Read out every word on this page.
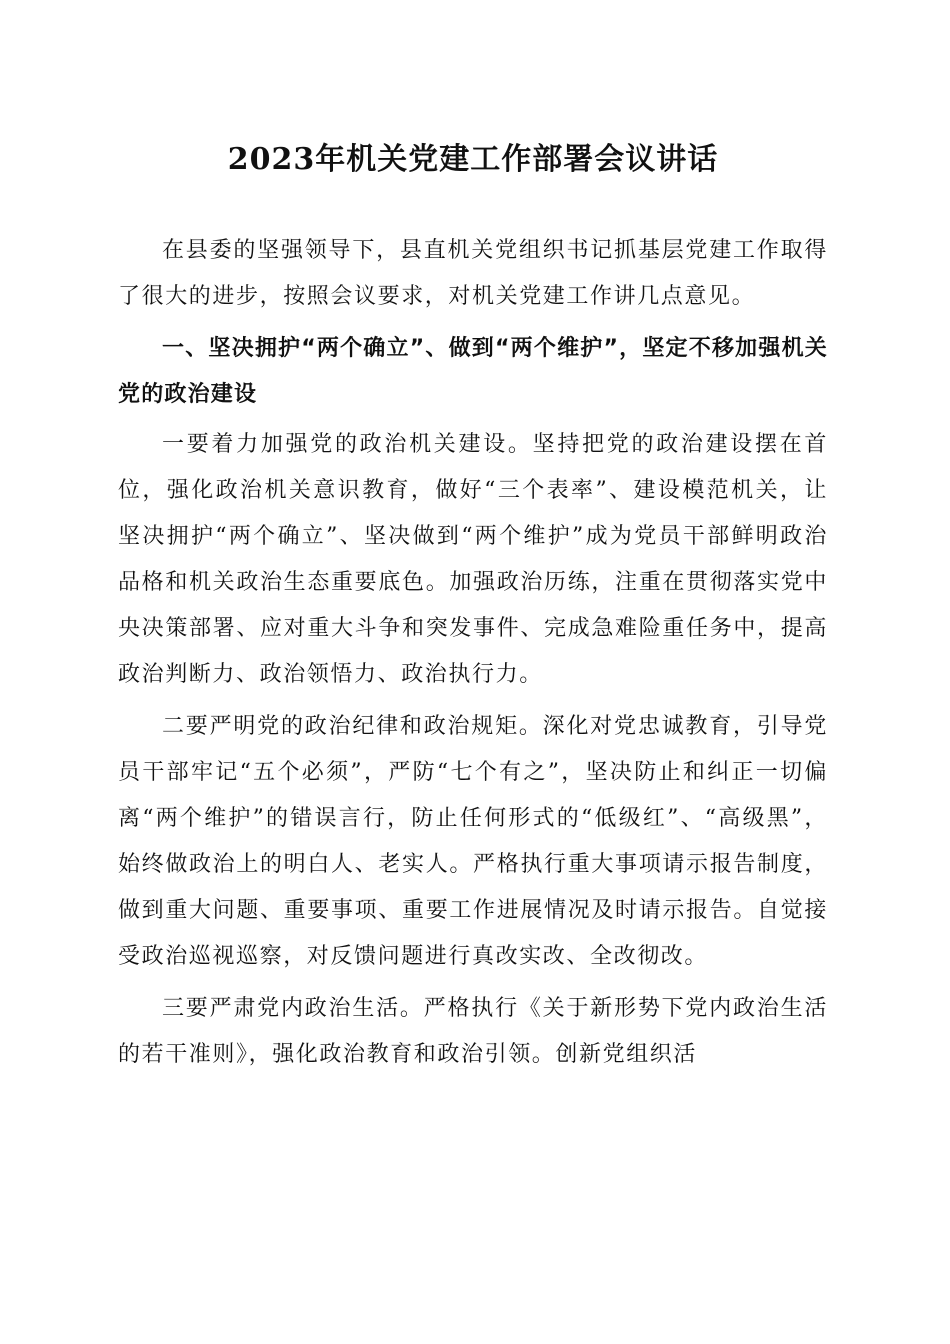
2023年机关党建工作部署会议讲话

在县委的坚强领导下，县直机关党组织书记抓基层党建工作取得了很大的进步，按照会议要求，对机关党建工作讲几点意见。

一、坚决拥护“两个确立”、做到“两个维护”，坚定不移加强机关党的政治建设

一要着力加强党的政治机关建设。坚持把党的政治建设摆在首位，强化政治机关意识教育，做好“三个表率”、建设模范机关，让坚决拥护“两个确立”、坚决做到“两个维护”成为党员干部鲜明政治品格和机关政治生态重要底色。加强政治历练，注重在贯彻落实党中央决策部署、应对重大斗争和突发事件、完成急难险重任务中，提高政治判断力、政治领悟力、政治执行力。

二要严明党的政治纪律和政治规矩。深化对党忠诚教育，引导党员干部牢记“五个必须”，严防“七个有之”，坚决防止和纠正一切偏离“两个维护”的错误言行，防止任何形式的“低级红”、“高级黑”，始终做政治上的明白人、老实人。严格执行重大事项请示报告制度，做到重大问题、重要事项、重要工作进展情况及时请示报告。自觉接受政治巡视巡察，对反馈问题进行真改实改、全改彻改。

三要严肃党内政治生活。严格执行《关于新形势下党内政治生活的若干准则》，强化政治教育和政治引领。创新党组织活
